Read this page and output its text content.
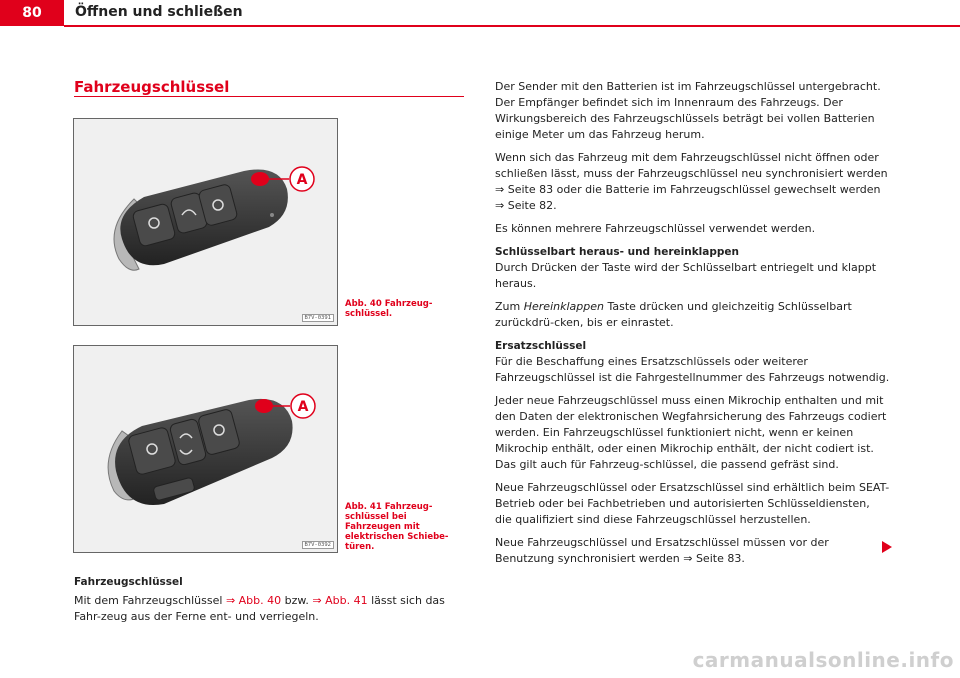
80	Öffnen und schließen
Fahrzeugschlüssel
A
B7V-0391
Abb. 40 Fahrzeug-schlüssel.
A
B7V-0392
Abb. 41 Fahrzeug-schlüssel bei Fahrzeugen mit elektrischen Schiebe-türen.
Fahrzeugschlüssel
Mit dem Fahrzeugschlüssel ⇒ Abb. 40 bzw. ⇒ Abb. 41 lässt sich das Fahr-zeug aus der Ferne ent- und verriegeln.

Der Sender mit den Batterien ist im Fahrzeugschlüssel untergebracht. Der Empfänger befindet sich im Innenraum des Fahrzeugs. Der Wirkungsbereich des Fahrzeugschlüssels beträgt bei vollen Batterien einige Meter um das Fahrzeug herum.

Wenn sich das Fahrzeug mit dem Fahrzeugschlüssel nicht öffnen oder schließen lässt, muss der Fahrzeugschlüssel neu synchronisiert werden ⇒ Seite 83 oder die Batterie im Fahrzeugschlüssel gewechselt werden ⇒ Seite 82.

Es können mehrere Fahrzeugschlüssel verwendet werden.

Schlüsselbart heraus- und hereinklappen

Durch Drücken der Taste wird der Schlüsselbart entriegelt und klappt heraus.

Zum Hereinklappen Taste drücken und gleichzeitig Schlüsselbart zurückdrü-cken, bis er einrastet.

Ersatzschlüssel

Für die Beschaffung eines Ersatzschlüssels oder weiterer Fahrzeugschlüssel ist die Fahrgestellnummer des Fahrzeugs notwendig.

Jeder neue Fahrzeugschlüssel muss einen Mikrochip enthalten und mit den Daten der elektronischen Wegfahrsicherung des Fahrzeugs codiert werden. Ein Fahrzeugschlüssel funktioniert nicht, wenn er keinen Mikrochip enthält, oder einen Mikrochip enthält, der nicht codiert ist. Das gilt auch für Fahrzeug-schlüssel, die passend gefräst sind.

Neue Fahrzeugschlüssel oder Ersatzschlüssel sind erhältlich beim SEAT-Betrieb oder bei Fachbetrieben und autorisierten Schlüsseldiensten, die qualifiziert sind diese Fahrzeugschlüssel herzustellen.

Neue Fahrzeugschlüssel und Ersatzschlüssel müssen vor der Benutzung synchronisiert werden ⇒ Seite 83.

carmanualsonline.info
